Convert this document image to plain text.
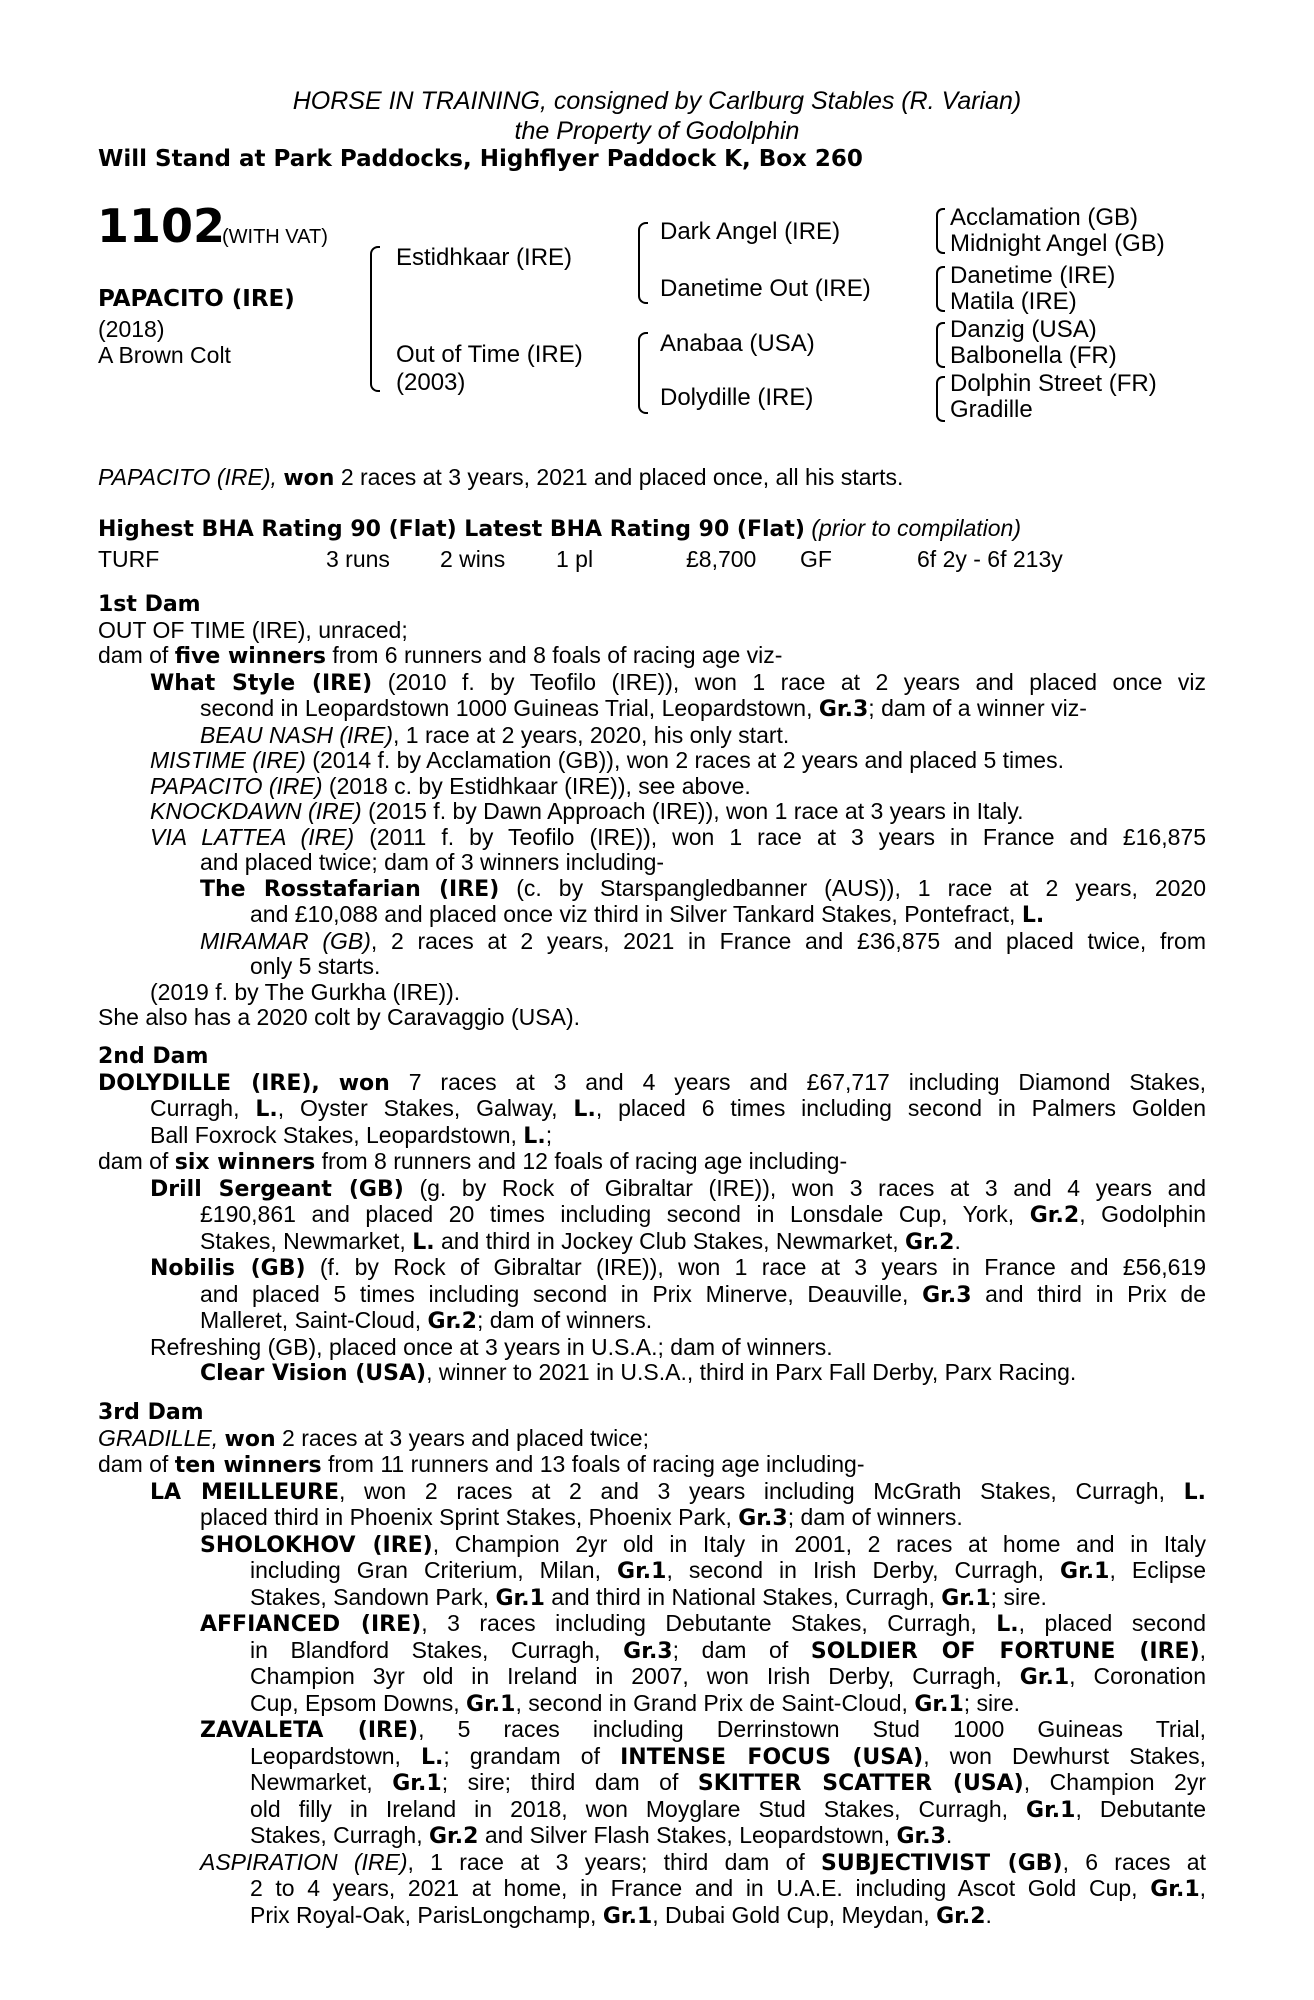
HORSE IN TRAINING, consigned by Carlburg Stables (R. Varian)
the Property of Godolphin
Will Stand at Park Paddocks, Highflyer Paddock K, Box 260
1102
(WITH VAT)
PAPACITO (IRE)
(2018)
A Brown Colt
Estidhkaar (IRE)
Out of Time (IRE)
(2003)
Dark Angel (IRE)
Danetime Out (IRE)
Anabaa (USA)
Dolydille (IRE)
Acclamation (GB)
Midnight Angel (GB)
Danetime (IRE)
Matila (IRE)
Danzig (USA)
Balbonella (FR)
Dolphin Street (FR)
Gradille
PAPACITO (IRE), won 2 races at 3 years, 2021 and placed once, all his starts.
Highest BHA Rating 90 (Flat) Latest BHA Rating 90 (Flat) (prior to compilation)
TURF	3 runs 2 wins 1 pl	£8,700 GF	6f 2y - 6f 213y
1st Dam
OUT OF TIME (IRE), unraced;
dam of five winners from 6 runners and 8 foals of racing age viz-
What Style (IRE) (2010 f. by Teofilo (IRE)), won 1 race at 2 years and placed once viz
second in Leopardstown 1000 Guineas Trial, Leopardstown, Gr.3; dam of a winner viz-
BEAU NASH (IRE), 1 race at 2 years, 2020, his only start.
MISTIME (IRE) (2014 f. by Acclamation (GB)), won 2 races at 2 years and placed 5 times.
PAPACITO (IRE) (2018 c. by Estidhkaar (IRE)), see above.
KNOCKDAWN (IRE) (2015 f. by Dawn Approach (IRE)), won 1 race at 3 years in Italy.
VIA LATTEA (IRE) (2011 f. by Teofilo (IRE)), won 1 race at 3 years in France and £16,875
and placed twice; dam of 3 winners including-
The Rosstafarian (IRE) (c. by Starspangledbanner (AUS)), 1 race at 2 years, 2020
and £10,088 and placed once viz third in Silver Tankard Stakes, Pontefract, L.
MIRAMAR (GB), 2 races at 2 years, 2021 in France and £36,875 and placed twice, from
only 5 starts.
(2019 f. by The Gurkha (IRE)).
She also has a 2020 colt by Caravaggio (USA).
2nd Dam
DOLYDILLE (IRE), won 7 races at 3 and 4 years and £67,717 including Diamond Stakes,
Curragh, L., Oyster Stakes, Galway, L., placed 6 times including second in Palmers Golden
Ball Foxrock Stakes, Leopardstown, L.;
dam of six winners from 8 runners and 12 foals of racing age including-
Drill Sergeant (GB) (g. by Rock of Gibraltar (IRE)), won 3 races at 3 and 4 years and
£190,861 and placed 20 times including second in Lonsdale Cup, York, Gr.2, Godolphin
Stakes, Newmarket, L. and third in Jockey Club Stakes, Newmarket, Gr.2.
Nobilis (GB) (f. by Rock of Gibraltar (IRE)), won 1 race at 3 years in France and £56,619
and placed 5 times including second in Prix Minerve, Deauville, Gr.3 and third in Prix de
Malleret, Saint-Cloud, Gr.2; dam of winners.
Refreshing (GB), placed once at 3 years in U.S.A.; dam of winners.
Clear Vision (USA), winner to 2021 in U.S.A., third in Parx Fall Derby, Parx Racing.
3rd Dam
GRADILLE, won 2 races at 3 years and placed twice;
dam of ten winners from 11 runners and 13 foals of racing age including-
LA MEILLEURE, won 2 races at 2 and 3 years including McGrath Stakes, Curragh, L.
placed third in Phoenix Sprint Stakes, Phoenix Park, Gr.3; dam of winners.
SHOLOKHOV (IRE), Champion 2yr old in Italy in 2001, 2 races at home and in Italy
including Gran Criterium, Milan, Gr.1, second in Irish Derby, Curragh, Gr.1, Eclipse
Stakes, Sandown Park, Gr.1 and third in National Stakes, Curragh, Gr.1; sire.
AFFIANCED (IRE), 3 races including Debutante Stakes, Curragh, L., placed second
in Blandford Stakes, Curragh, Gr.3; dam of SOLDIER OF FORTUNE (IRE),
Champion 3yr old in Ireland in 2007, won Irish Derby, Curragh, Gr.1, Coronation
Cup, Epsom Downs, Gr.1, second in Grand Prix de Saint-Cloud, Gr.1; sire.
ZAVALETA (IRE), 5 races including Derrinstown Stud 1000 Guineas Trial,
Leopardstown, L.; grandam of INTENSE FOCUS (USA), won Dewhurst Stakes,
Newmarket, Gr.1; sire; third dam of SKITTER SCATTER (USA), Champion 2yr
old filly in Ireland in 2018, won Moyglare Stud Stakes, Curragh, Gr.1, Debutante
Stakes, Curragh, Gr.2 and Silver Flash Stakes, Leopardstown, Gr.3.
ASPIRATION (IRE), 1 race at 3 years; third dam of SUBJECTIVIST (GB), 6 races at
2 to 4 years, 2021 at home, in France and in U.A.E. including Ascot Gold Cup, Gr.1,
Prix Royal-Oak, ParisLongchamp, Gr.1, Dubai Gold Cup, Meydan, Gr.2.
